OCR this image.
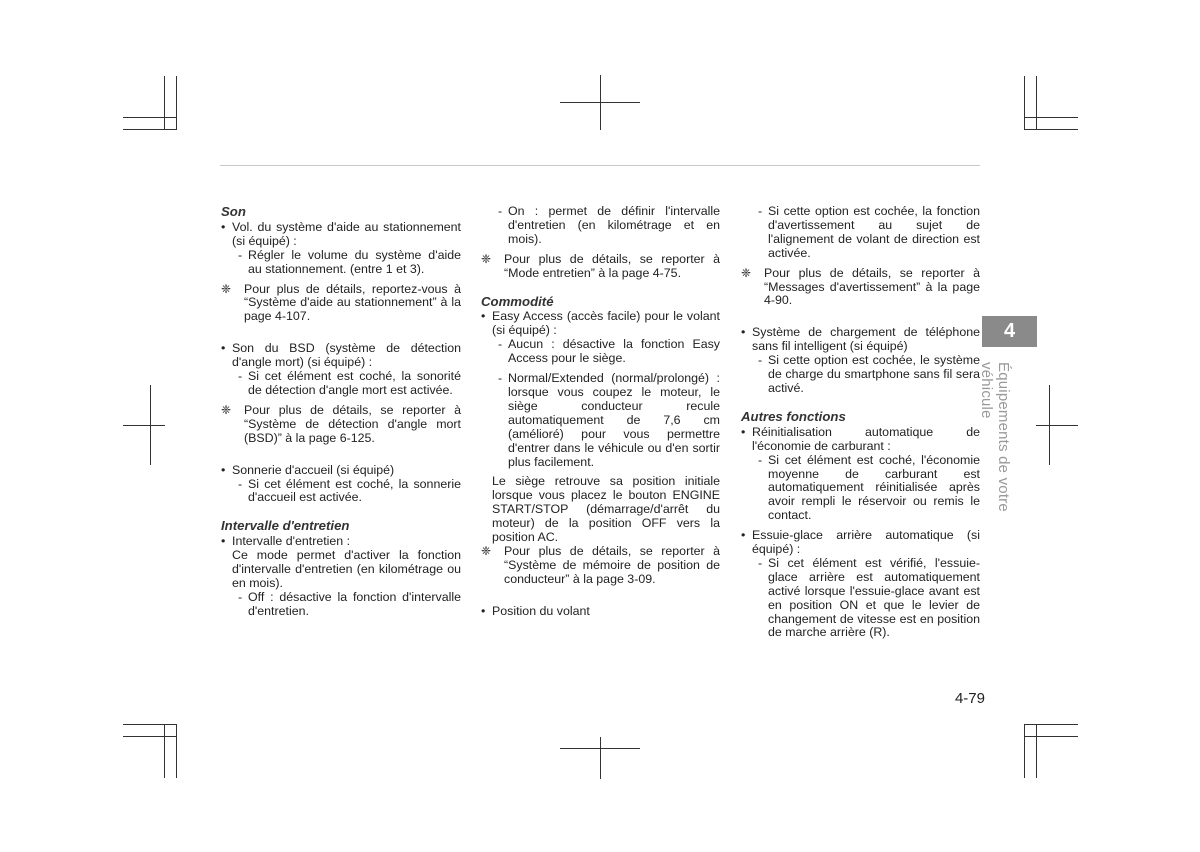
Son
• Vol. du système d'aide au stationnement (si équipé) :
- Régler le volume du système d'aide au stationnement. (entre 1 et 3).
❈	Pour plus de détails, reportez-vous à “Système d'aide au stationnement” à la page 4-107.
• Son du BSD (système de détection d'angle mort) (si équipé) :
- Si cet élément est coché, la sonorité de détection d'angle mort est activée.
❈	Pour plus de détails, se reporter à “Système de détection d'angle mort (BSD)” à la page 6-125.
• Sonnerie d'accueil (si équipé)
- Si cet élément est coché, la sonnerie d'accueil est activée.
Intervalle d'entretien
• Intervalle d'entretien :
Ce mode permet d'activer la fonction d'intervalle d'entretien (en kilométrage ou en mois).
- Off : désactive la fonction d'intervalle d'entretien.
- On : permet de définir l'intervalle d'entretien (en kilométrage et en mois).
❈	Pour plus de détails, se reporter à “Mode entretien” à la page 4-75.
Commodité
• Easy Access (accès facile) pour le volant (si équipé) :
- Aucun : désactive la fonction Easy Access pour le siège.
- Normal/Extended (normal/prolongé) : lorsque vous coupez le moteur, le siège conducteur recule automatiquement de 7,6 cm (amélioré) pour vous permettre d'entrer dans le véhicule ou d'en sortir plus facilement.
Le siège retrouve sa position initiale lorsque vous placez le bouton ENGINE START/STOP (démarrage/d'arrêt du moteur) de la position OFF vers la position AC.
❈	Pour plus de détails, se reporter à “Système de mémoire de position de conducteur” à la page 3-09.
• Position du volant
- Si cette option est cochée, la fonction d'avertissement au sujet de l'alignement de volant de direction est activée.
❈	Pour plus de détails, se reporter à “Messages d'avertissement” à la page 4-90.
• Système de chargement de téléphone sans fil intelligent (si équipé)
- Si cette option est cochée, le système de charge du smartphone sans fil sera activé.
Autres fonctions
• Réinitialisation automatique de l'économie de carburant :
- Si cet élément est coché, l'économie moyenne de carburant est automatiquement réinitialisée après avoir rempli le réservoir ou remis le contact.
• Essuie-glace arrière automatique (si équipé) :
- Si cet élément est vérifié, l'essuie-glace arrière est automatiquement activé lorsque l'essuie-glace avant est en position ON et que le levier de changement de vitesse est en position de marche arrière (R).
4
Équipements de votre véhicule
4-79
